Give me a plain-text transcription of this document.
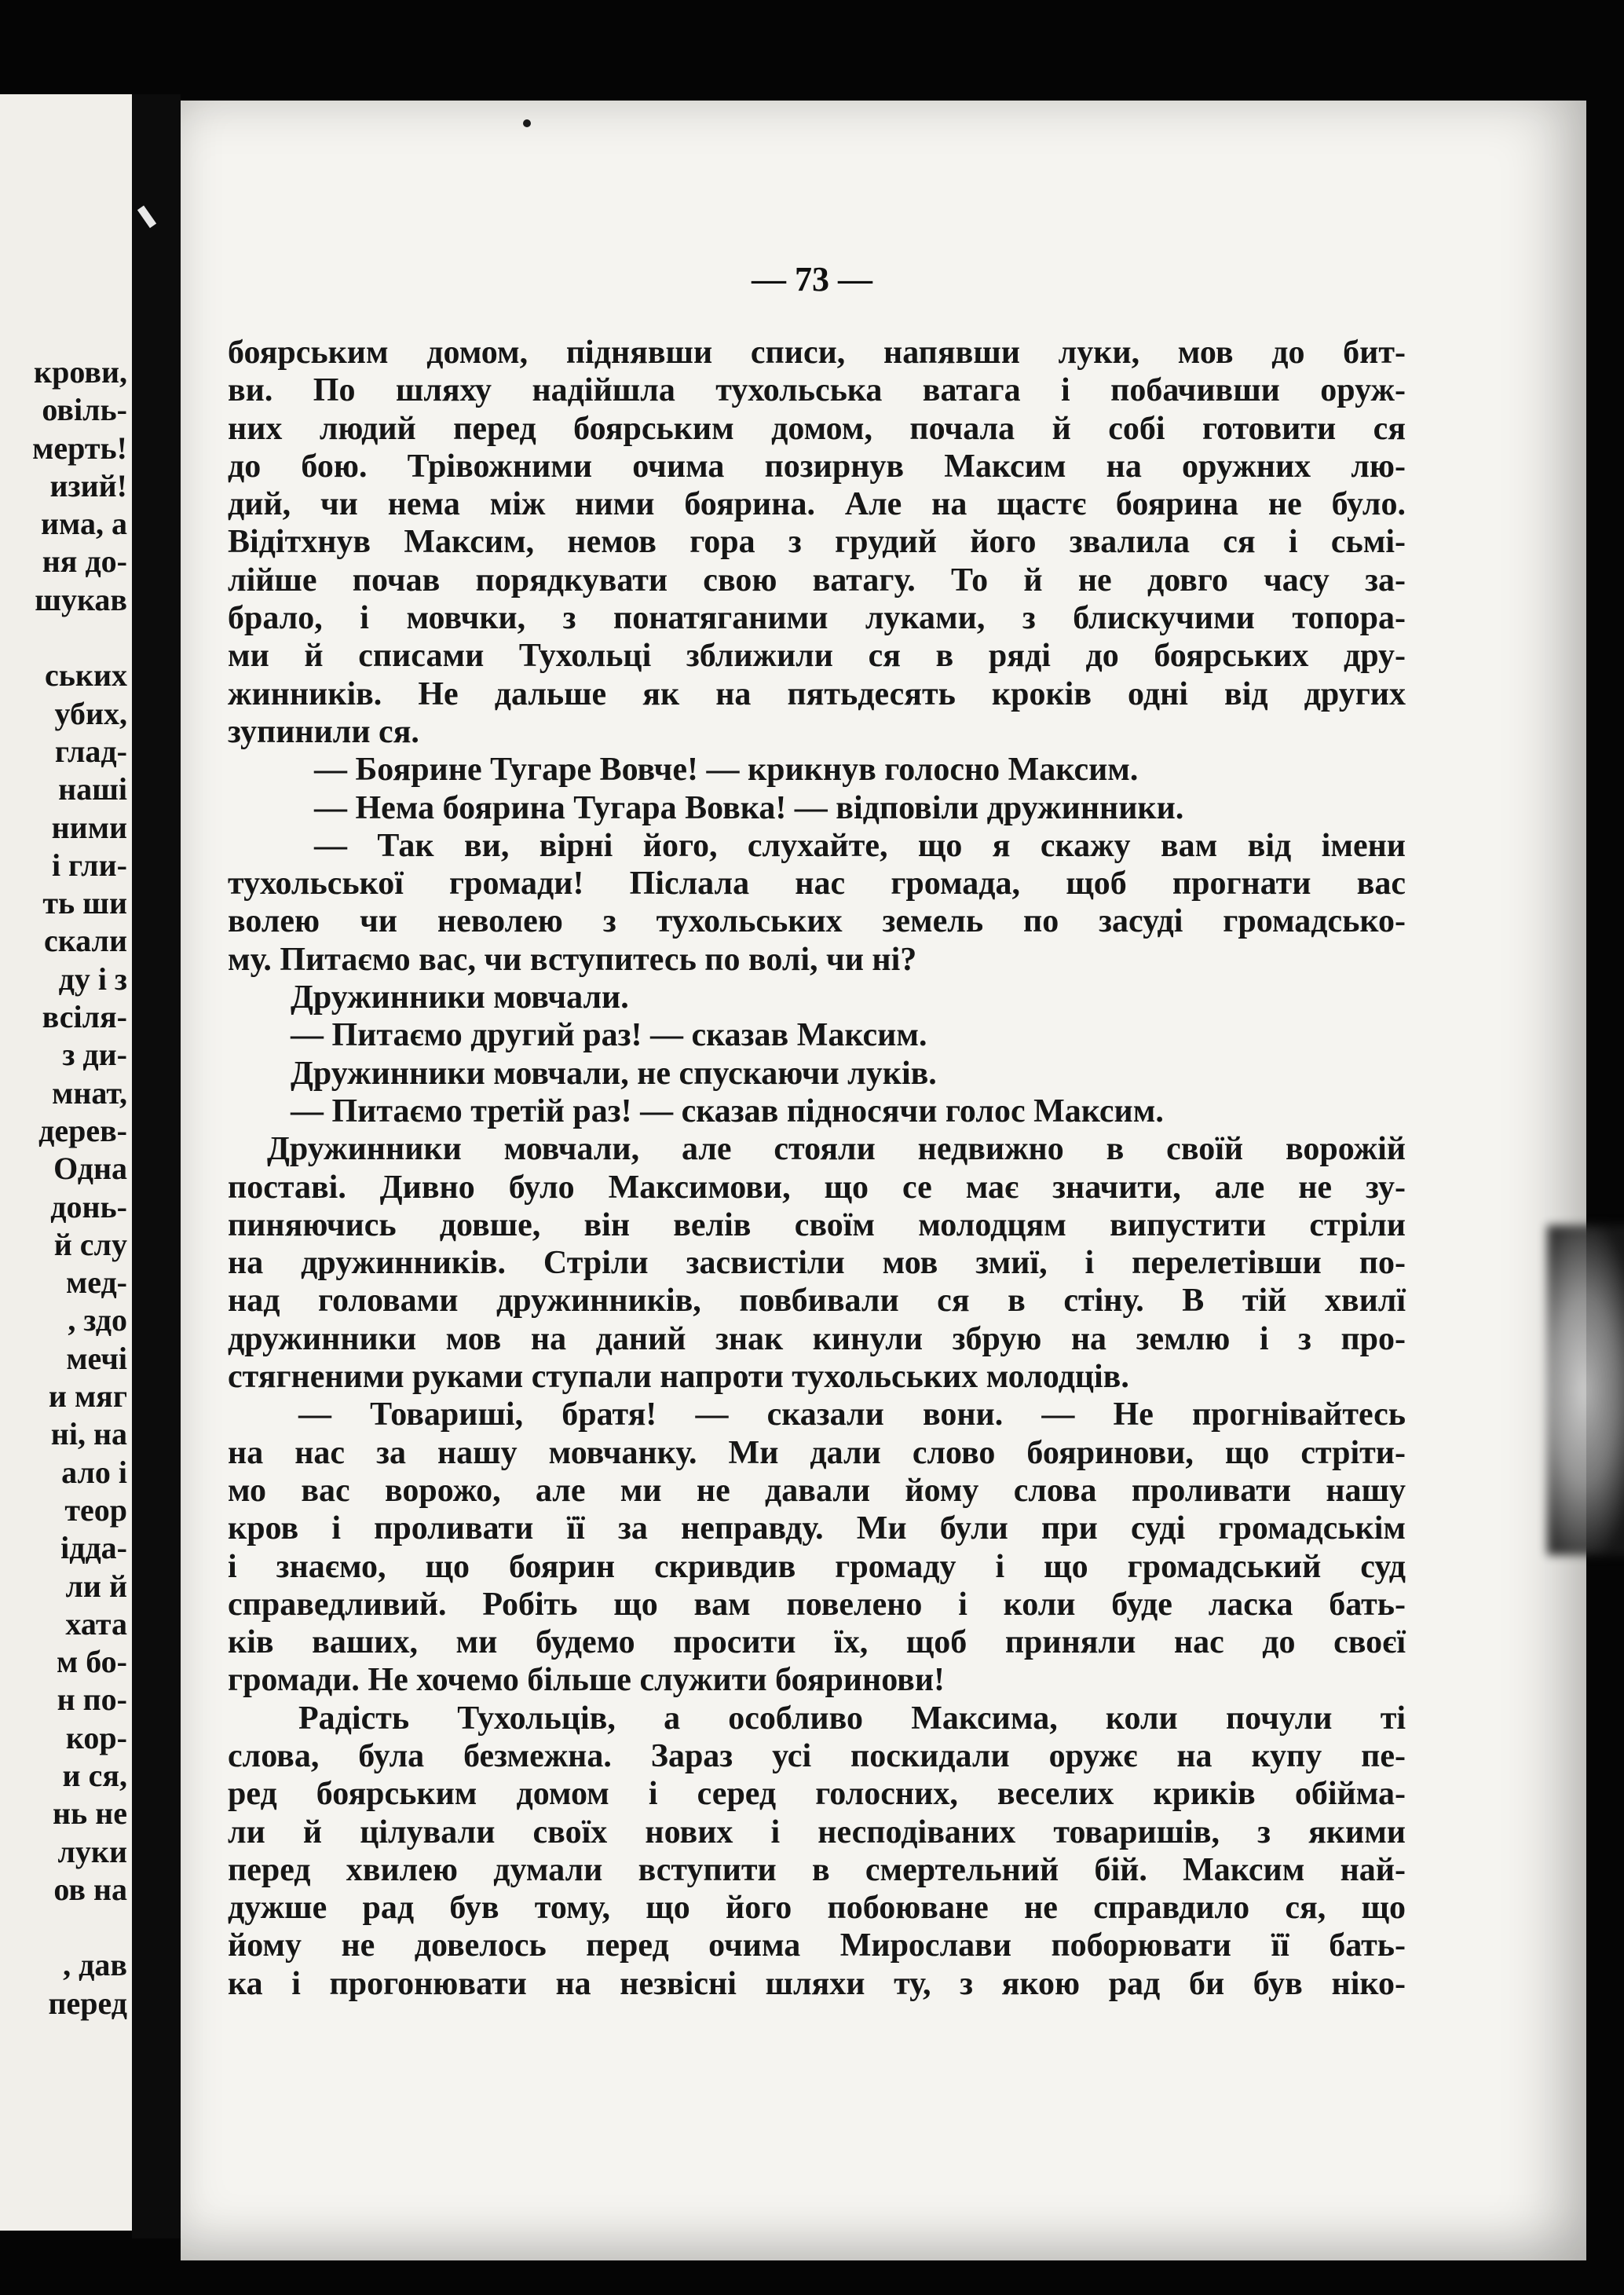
крови,
овіль-
мерть!
изий!
има, а
ня до-
шукав

ських
убих,
глад-
наші
ними
і гли-
ть ши
скали
ду і з
всіля-
з ди-
мнат,
дерев-
Одна
донь-
й слу
мед-
, здо
мечі
и мяг
ні, на
ало і
теор
ідда-
ли й
хата
м бо-
н по-
кор-
и ся,
нь не
луки
ов на

, дав
перед
— 73 —
боярським домом, піднявши списи, напявши луки, мов до бит-
ви. По шляху надійшла тухольська ватага і побачивши оруж-
них людий перед боярським домом, почала й собі готовити ся
до бою. Трівожними очима позирнув Максим на оружних лю-
дий, чи нема між ними боярина. Але на щастє боярина не було.
Відітхнув Максим, немов гора з грудий його звалила ся і сьмі-
лійше почав порядкувати свою ватагу. То й не довго часу за-
брало, і мовчки, з понатяганими луками, з блискучими топора-
ми й списами Тухольці зближили ся в ряді до боярських дру-
жинників. Не дальше як на пятьдесять кроків одні від других
зупинили ся.
— Боярине Тугаре Вовче! — крикнув голосно Максим.
— Нема боярина Тугара Вовка! — відповіли дружинники.
— Так ви, вірні його, слухайте, що я скажу вам від імени
тухольської громади! Післала нас громада, щоб прогнати вас
волею чи неволею з тухольських земель по засуді громадсько-
му. Питаємо вас, чи вступитесь по волі, чи ні?
Дружинники мовчали.
— Питаємо другий раз! — сказав Максим.
Дружинники мовчали, не спускаючи луків.
— Питаємо третій раз! — сказав підносячи голос Максим.
Дружинники мовчали, але стояли недвижно в своїй ворожій
поставі. Дивно було Максимови, що се має значити, але не зу-
пиняючись довше, він велів своїм молодцям випустити стріли
на дружинників. Стріли засвистіли мов змиї, і перелетівши по-
над головами дружинників, повбивали ся в стіну. В тій хвилї
дружинники мов на даний знак кинули збрую на землю і з про-
стягненими руками ступали напроти тухольських молодців.
— Товариші, братя! — сказали вони. — Не прогнівайтесь
на нас за нашу мовчанку. Ми дали слово бояринови, що стріти-
мо вас ворожо, але ми не давали йому слова проливати нашу
кров і проливати її за неправду. Ми були при суді громадськім
і знаємо, що боярин скривдив громаду і що громадський суд
справедливий. Робіть що вам повелено і коли буде ласка бать-
ків ваших, ми будемо просити їх, щоб приняли нас до своєї
громади. Не хочемо більше служити бояринови!
Радість Тухольців, а особливо Максима, коли почули ті
слова, була безмежна. Зараз усі поскидали оружє на купу пе-
ред боярським домом і серед голосних, веселих криків обійма-
ли й цілували своїх нових і несподіваних товаришів, з якими
перед хвилею думали вступити в смертельний бій. Максим най-
дужше рад був тому, що його побоюване не справдило ся, що
йому не довелось перед очима Мирослави поборювати її бать-
ка і прогонювати на незвісні шляхи ту, з якою рад би був ніко-
